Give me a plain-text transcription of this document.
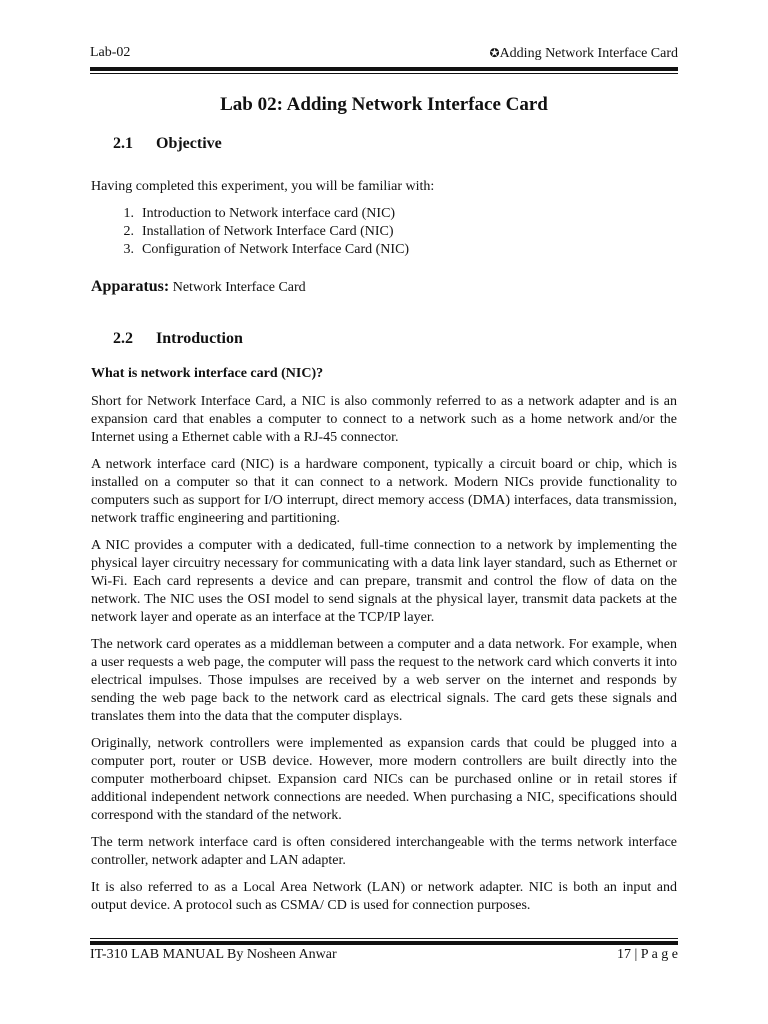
Lab-02	✪Adding Network Interface Card
Lab 02: Adding Network Interface Card
2.1	Objective

Having completed this experiment, you will be familiar with:

1. Introduction to Network interface card (NIC)
2. Installation of Network Interface Card (NIC)
3. Configuration of Network Interface Card (NIC)
Apparatus: Network Interface Card
2.2	Introduction

What is network interface card (NIC)?

Short for Network Interface Card, a NIC is also commonly referred to as a network adapter and is an expansion card that enables a computer to connect to a network such as a home network and/or the Internet using a Ethernet cable with a RJ-45 connector.

A network interface card (NIC) is a hardware component, typically a circuit board or chip, which is installed on a computer so that it can connect to a network. Modern NICs provide functionality to computers such as support for I/O interrupt, direct memory access (DMA) interfaces, data transmission, network traffic engineering and partitioning.

A NIC provides a computer with a dedicated, full-time connection to a network by implementing the physical layer circuitry necessary for communicating with a data link layer standard, such as Ethernet or Wi-Fi. Each card represents a device and can prepare, transmit and control the flow of data on the network. The NIC uses the OSI model to send signals at the physical layer, transmit data packets at the network layer and operate as an interface at the TCP/IP layer.

The network card operates as a middleman between a computer and a data network. For example, when a user requests a web page, the computer will pass the request to the network card which converts it into electrical impulses. Those impulses are received by a web server on the internet and responds by sending the web page back to the network card as electrical signals. The card gets these signals and translates them into the data that the computer displays.

Originally, network controllers were implemented as expansion cards that could be plugged into a computer port, router or USB device. However, more modern controllers are built directly into the computer motherboard chipset. Expansion card NICs can be purchased online or in retail stores if additional independent network connections are needed. When purchasing a NIC, specifications should correspond with the standard of the network.

The term network interface card is often considered interchangeable with the terms network interface controller, network adapter and LAN adapter.

It is also referred to as a Local Area Network (LAN) or network adapter. NIC is both an input and output device. A protocol such as CSMA/ CD is used for connection purposes.

IT-310 LAB MANUAL By Nosheen Anwar	17 | P a g e
